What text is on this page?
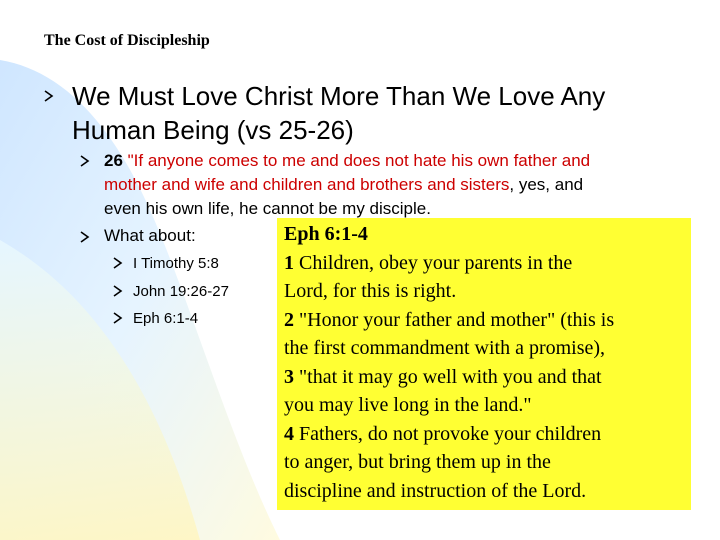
The Cost of Discipleship
We Must Love Christ More Than We Love Any
Human Being (vs 25-26)
26 "If anyone comes to me and does not hate his own father and
mother and wife and children and brothers and sisters, yes, and
even his own life, he cannot be my disciple.
What about:
I Timothy 5:8
John 19:26-27
Eph 6:1-4
Eph 6:1-4
1 Children, obey your parents in the
Lord, for this is right.
2 "Honor your father and mother" (this is
the first commandment with a promise),
3 "that it may go well with you and that
you may live long in the land."
4 Fathers, do not provoke your children
to anger, but bring them up in the
discipline and instruction of the Lord.
